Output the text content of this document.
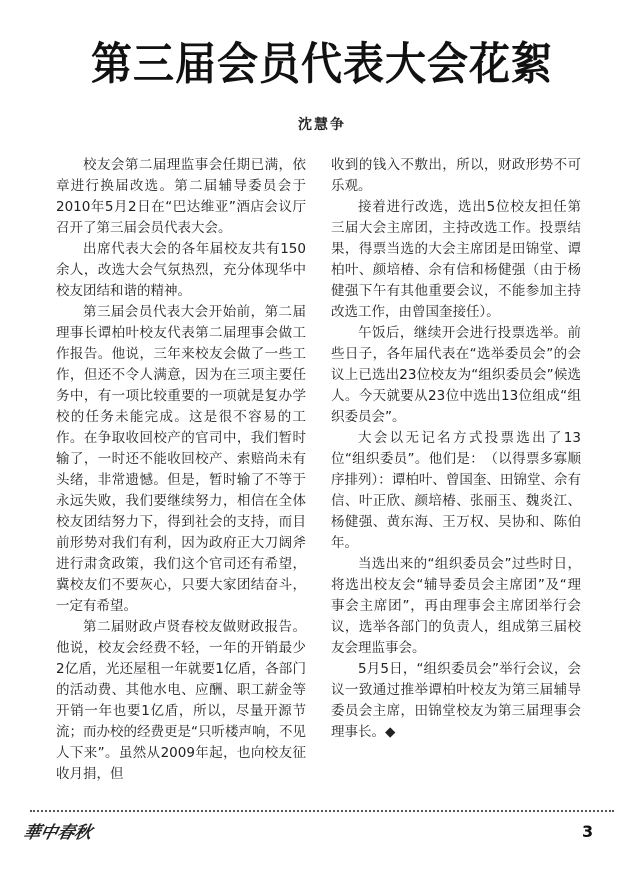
第三届会员代表大会花絮
沈慧争

校友会第二届理监事会任期已满，依章进行换届改选。第二届辅导委员会于2010年5月2日在“巴达维亚”酒店会议厅召开了第三届会员代表大会。

出席代表大会的各年届校友共有150余人，改选大会气氛热烈，充分体现华中校友团结和谐的精神。

第三届会员代表大会开始前，第二届理事长谭柏叶校友代表第二届理事会做工作报告。他说，三年来校友会做了一些工作，但还不令人满意，因为在三项主要任务中，有一项比较重要的一项就是复办学校的任务未能完成。这是很不容易的工作。在争取收回校产的官司中，我们暂时输了，一时还不能收回校产、索赔尚未有头绪，非常遗憾。但是，暂时输了不等于永远失败，我们要继续努力，相信在全体校友团结努力下，得到社会的支持，而目前形势对我们有利，因为政府正大刀阔斧进行肃贪政策，我们这个官司还有希望，冀校友们不要灰心，只要大家团结奋斗，一定有希望。

第二届财政卢贤春校友做财政报告。他说，校友会经费不轻，一年的开销最少2亿盾，光还屋租一年就要1亿盾，各部门的活动费、其他水电、应酬、职工薪金等开销一年也要1亿盾，所以，尽量开源节流；而办校的经费更是“只听楼声响，不见人下来”。虽然从2009年起，也向校友征收月捐，但

收到的钱入不敷出，所以，财政形势不可乐观。

接着进行改选，选出5位校友担任第三届大会主席团，主持改选工作。投票结果，得票当选的大会主席团是田锦堂、谭柏叶、颜培椿、佘有信和杨健强（由于杨健强下午有其他重要会议，不能参加主持改选工作，由曾国奎接任）。

午饭后，继续开会进行投票选举。前些日子，各年届代表在“选举委员会”的会议上已选出23位校友为“组织委员会”候选人。今天就要从23位中选出13位组成“组织委员会”。

大会以无记名方式投票选出了13位“组织委员”。他们是：　（以得票多寡顺序排列）：谭柏叶、曾国奎、田锦堂、佘有信、叶正欣、颜培椿、张丽玉、魏炎江、杨健强、黄东海、王万权、吴协和、陈伯年。

当选出来的“组织委员会”过些时日，将选出校友会“辅导委员会主席团”及“理事会主席团”，再由理事会主席团举行会议，选举各部门的负责人，组成第三届校友会理监事会。

5月5日，“组织委员会”举行会议，会议一致通过推举谭柏叶校友为第三届辅导委员会主席，田锦堂校友为第三届理事会理事长。◆

華中春秋	3
